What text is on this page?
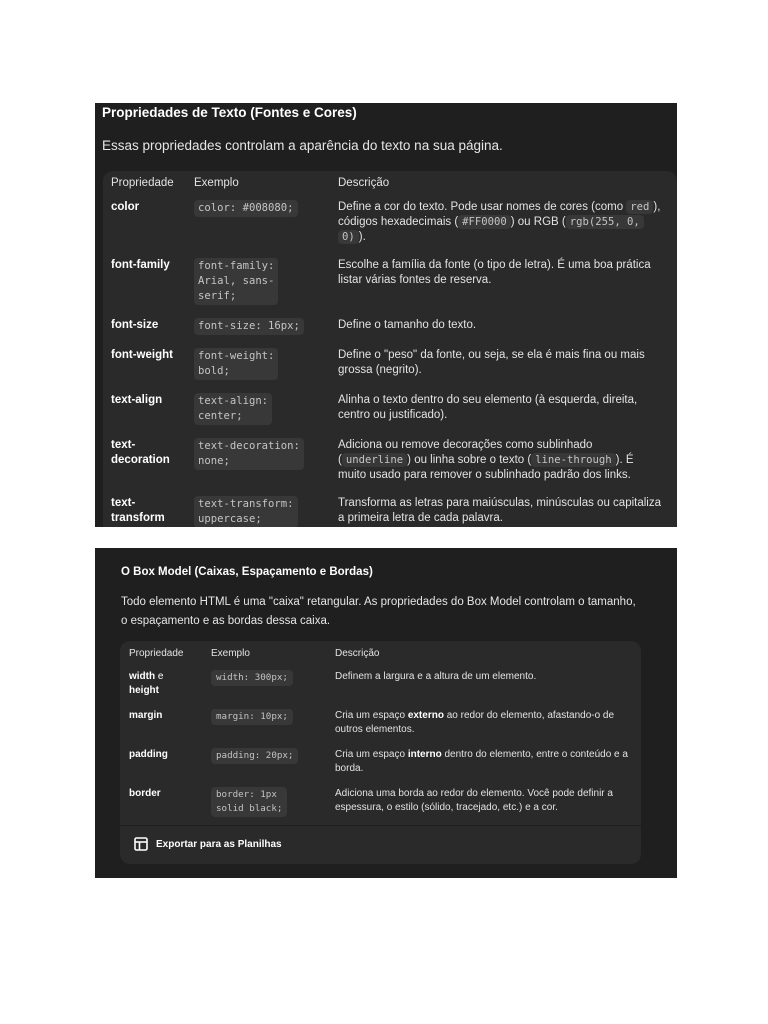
Propriedades de Texto (Fontes e Cores)
Essas propriedades controlam a aparência do texto na sua página.
Propriedade	Exemplo	Descrição
color	color: #008080;	Define a cor do texto. Pode usar nomes de cores (como red ), códigos hexadecimais ( #FF0000 ) ou RGB ( rgb(255, 0, 0) ).
font-family	font-family:
Arial, sans-
serif;	Escolhe a família da fonte (o tipo de letra). É uma boa prática listar várias fontes de reserva.
font-size	font-size: 16px;	Define o tamanho do texto.
font-weight	font-weight:
bold;	Define o "peso" da fonte, ou seja, se ela é mais fina ou mais grossa (negrito).
text-align	text-align:
center;	Alinha o texto dentro do seu elemento (à esquerda, direita, centro ou justificado).
text-
decoration	text-decoration:
none;	Adiciona ou remove decorações como sublinhado ( underline ) ou linha sobre o texto ( line-through ). É muito usado para remover o sublinhado padrão dos links.
text-
transform	text-transform:
uppercase;	Transforma as letras para maiúsculas, minúsculas ou capitaliza a primeira letra de cada palavra.
O Box Model (Caixas, Espaçamento e Bordas)
Todo elemento HTML é uma "caixa" retangular. As propriedades do Box Model controlam o tamanho, o espaçamento e as bordas dessa caixa.
Propriedade	Exemplo	Descrição
width e
height	width: 300px;	Definem a largura e a altura de um elemento.
margin	margin: 10px;	Cria um espaço externo ao redor do elemento, afastando-o de outros elementos.
padding	padding: 20px;	Cria um espaço interno dentro do elemento, entre o conteúdo e a borda.
border	border: 1px
solid black;	Adiciona uma borda ao redor do elemento. Você pode definir a espessura, o estilo (sólido, tracejado, etc.) e a cor.
Exportar para as Planilhas
